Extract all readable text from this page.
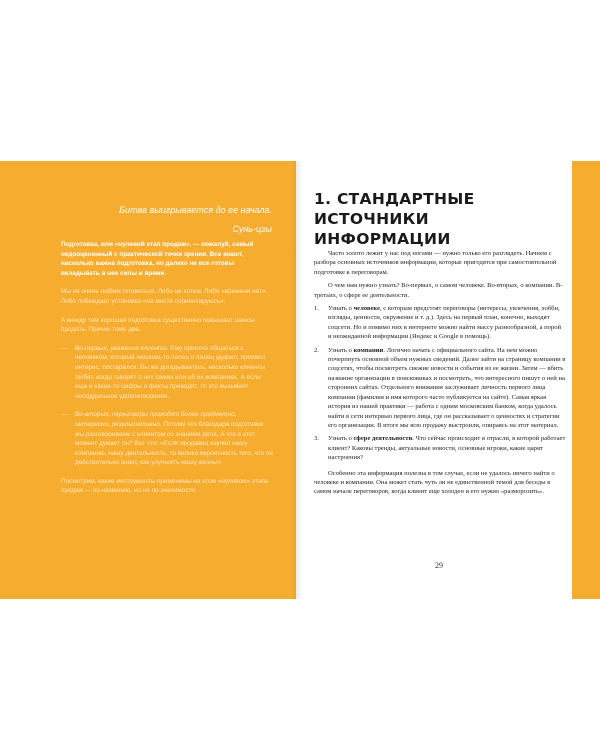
Битва выигрывается до ее начала.
Сунь-цзы

Подготовка, или «нулевой этап продаж», — пожалуй, самый недооцененный с практической точки зрения. Все знают, насколько важна подготовка, но далеко не все готовы вкладывать в нее силы и время.

Мы не очень любим готовиться. Либо не хотим. Либо «времени нет». Либо побеждает установка «на месте сориентируюсь».

А между тем хорошая подготовка существенно повышает шансы продать. Причин тому две.

— Во-первых, уважение клиента. Ему приятно общаться с человеком, который наконец-то палец о палец ударил, проявил интерес, постарался. Вы же догадываетесь, насколько клиенты любят, когда говорят о них самих или об их компаниях. А если еще и какие-то цифры и факты приводят, то это вызывает неподдельное удовлетворение.
— Во-вторых, переговоры проходят более предметно, интересно, результативно. Потому что благодаря подготовке мы разговариваем с клиентом со знанием дела. А что в этот момент думает он? Вот что: «Если продавец изучил нашу компанию, нашу деятельность, то велика вероятность того, что он действительно знает, как улучшить нашу жизнь!»

Посмотрим, какие инструменты применимы на этом «нулевом» этапе продаж — по названию, но не по значимости.

1. СТАНДАРТНЫЕ ИСТОЧНИКИ ИНФОРМАЦИИ

Часто золото лежит у нас под ногами — нужно только его разглядеть. Начнем с разбора основных источников информации, которые пригодятся при самостоятельной подготовке к переговорам.

О чем нам нужно узнать? Во-первых, о самом человеке. Во-вторых, о компании. В-третьих, о сфере ее деятельности.

1. Узнать о человеке, с которым предстоят переговоры (интересы, увлечения, хобби, взгляды, ценности, окружение и т. д.). Здесь на первый план, конечно, выходят соцсети. Но и помимо них в интернете можно найти массу разнообразной, а порой и неожиданной информации (Яндекс и Google в помощь).
2. Узнать о компании. Логично начать с официального сайта. На нем можно почерпнуть основной объем нужных сведений. Далее зайти на страницу компании в соцсетях, чтобы посмотреть свежие новости и события из ее жизни. Затем — вбить название организации в поисковиках и посмотреть, что интересного пишут о ней на сторонних сайтах. Отдельного внимания заслуживает личность первого лица компании (фамилия и имя которого часто публикуется на сайте). Самая яркая история из нашей практики — работа с одним московским банком, когда удалось найти в сети интервью первого лица, где он рассказывает о ценностях и стратегии его организации. В итоге мы всю продажу выстроили, опираясь на этот материал.
3. Узнать о сфере деятельности. Что сейчас происходит в отрасли, в которой работает клиент? Каковы тренды, актуальные новости, основные игроки, какие царят настроения?

Особенно эта информация полезна в том случае, если не удалось ничего найти о человеке и компании. Она может стать чуть ли не единственной темой для беседы в самом начале переговоров, когда клиент еще холоден и его нужно «разморозить».

29
